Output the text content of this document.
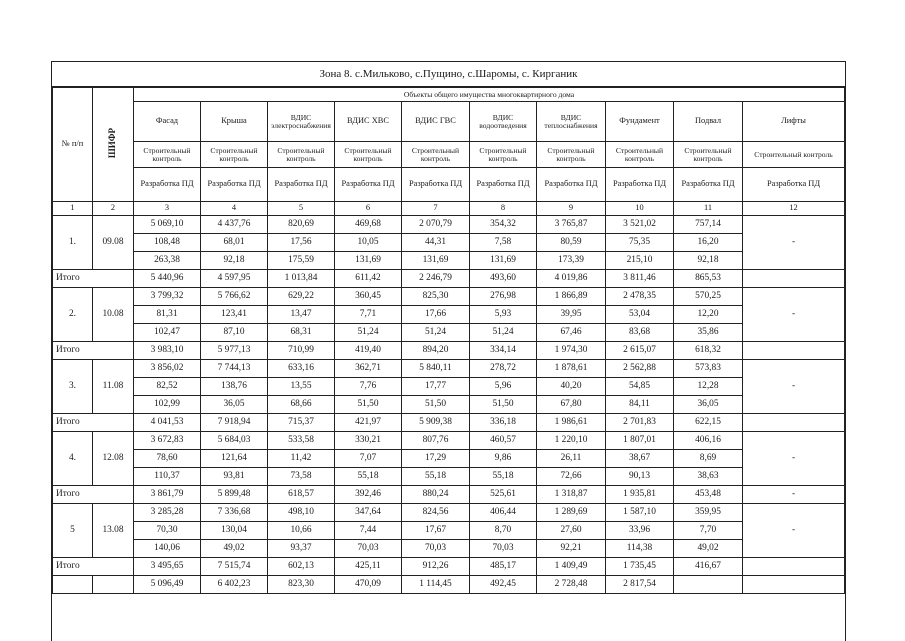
Зона 8. с.Мильково, с.Пущино, с.Шаромы, с. Кирганик
№ п/п	ШИФР	Объекты общего имущества многоквартирного дома									
		Фасад	Крыша	ВДИС электроснабжения	ВДИС ХВС	ВДИС ГВС	ВДИС водоотведения	ВДИС теплоснабжения	Фундамент	Подвал	Лифты
		Строительный контроль	Строительный контроль	Строительный контроль	Строительный контроль	Строительный контроль	Строительный контроль	Строительный контроль	Строительный контроль	Строительный контроль	Строительный контроль
		Разработка ПД	Разработка ПД	Разработка ПД	Разработка ПД	Разработка ПД	Разработка ПД	Разработка ПД	Разработка ПД	Разработка ПД	Разработка ПД
1	2	3	4	5	6	7	8	9	10	11	12
1.	09.08	5 069,10	4 437,76	820,69	469,68	2 070,79	354,32	3 765,87	3 521,02	757,14	-
		108,48	68,01	17,56	10,05	44,31	7,58	80,59	75,35	16,20	
		263,38	92,18	175,59	131,69	131,69	131,69	173,39	215,10	92,18	
Итого		5 440,96	4 597,95	1 013,84	611,42	2 246,79	493,60	4 019,86	3 811,46	865,53	
2.	10.08	3 799,32	5 766,62	629,22	360,45	825,30	276,98	1 866,89	2 478,35	570,25	-
		81,31	123,41	13,47	7,71	17,66	5,93	39,95	53,04	12,20	
		102,47	87,10	68,31	51,24	51,24	51,24	67,46	83,68	35,86	
Итого		3 983,10	5 977,13	710,99	419,40	894,20	334,14	1 974,30	2 615,07	618,32	
3.	11.08	3 856,02	7 744,13	633,16	362,71	5 840,11	278,72	1 878,61	2 562,88	573,83	-
		82,52	138,76	13,55	7,76	17,77	5,96	40,20	54,85	12,28	
		102,99	36,05	68,66	51,50	51,50	51,50	67,80	84,11	36,05	
Итого		4 041,53	7 918,94	715,37	421,97	5 909,38	336,18	1 986,61	2 701,83	622,15	
4.	12.08	3 672,83	5 684,03	533,58	330,21	807,76	460,57	1 220,10	1 807,01	406,16	-
		78,60	121,64	11,42	7,07	17,29	9,86	26,11	38,67	8,69	
		110,37	93,81	73,58	55,18	55,18	55,18	72,66	90,13	38,63	
Итого		3 861,79	5 899,48	618,57	392,46	880,24	525,61	1 318,87	1 935,81	453,48	-
5	13.08	3 285,28	7 336,68	498,10	347,64	824,56	406,44	1 289,69	1 587,10	359,95	-
		70,30	130,04	10,66	7,44	17,67	8,70	27,60	33,96	7,70	
		140,06	49,02	93,37	70,03	70,03	70,03	92,21	114,38	49,02	
Итого		3 495,65	7 515,74	602,13	425,11	912,26	485,17	1 409,49	1 735,45	416,67	
		5 096,49	6 402,23	823,30	470,09	1 114,45	492,45	2 728,48	2 817,54		
